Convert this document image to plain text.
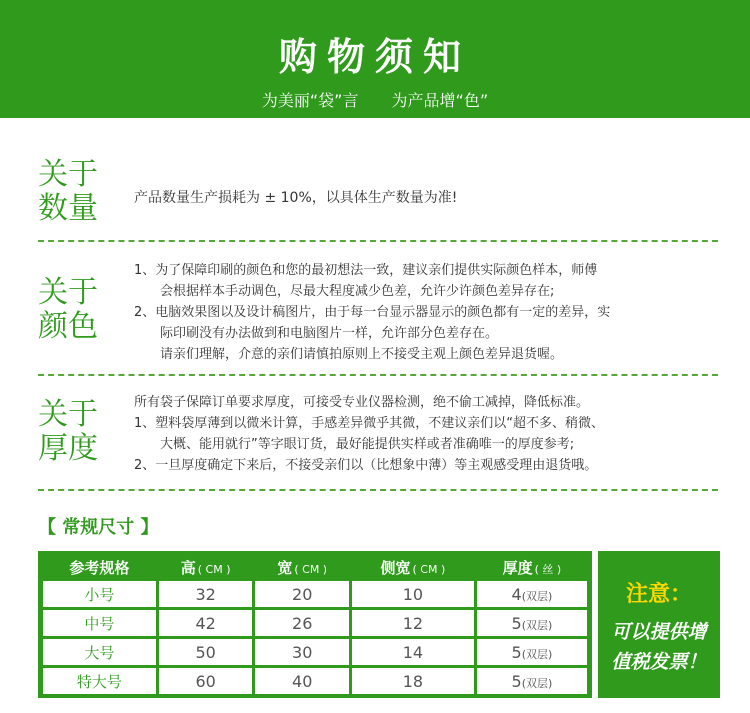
购物须知
为美丽“袋”言 为产品增“色”
关于
数量	产品数量生产损耗为 ± 10%，以具体生产数量为准!
关于
颜色
1、为了保障印刷的颜色和您的最初想法一致，建议亲们提供实际颜色样本，师傅
会根据样本手动调色，尽最大程度减少色差，允许少许颜色差异存在;
2、电脑效果图以及设计稿图片，由于每一台显示器显示的颜色都有一定的差异，实
际印刷没有办法做到和电脑图片一样，允许部分色差存在。
请亲们理解，介意的亲们请慎拍原则上不接受主观上颜色差异退货喔。
关于
厚度
所有袋子保障订单要求厚度，可接受专业仪器检测，绝不偷工减掉，降低标准。
1、塑料袋厚薄到以微米计算，手感差异微乎其微，不建议亲们以“超不多、稍微、
大概、能用就行”等字眼订货，最好能提供实样或者准确唯一的厚度参考;
2、一旦厚度确定下来后，不接受亲们以（比想象中薄）等主观感受理由退货哦。
【 常规尺寸 】
参考规格	高 ( CM )	宽 ( CM )	侧宽 ( CM )	厚度 ( 丝 )
小号	32	20	10	4(双层)
中号	42	26	12	5(双层)
大号	50	30	14	5(双层)
特大号	60	40	18	5(双层)
注意：
可以提供增
值税发票！
